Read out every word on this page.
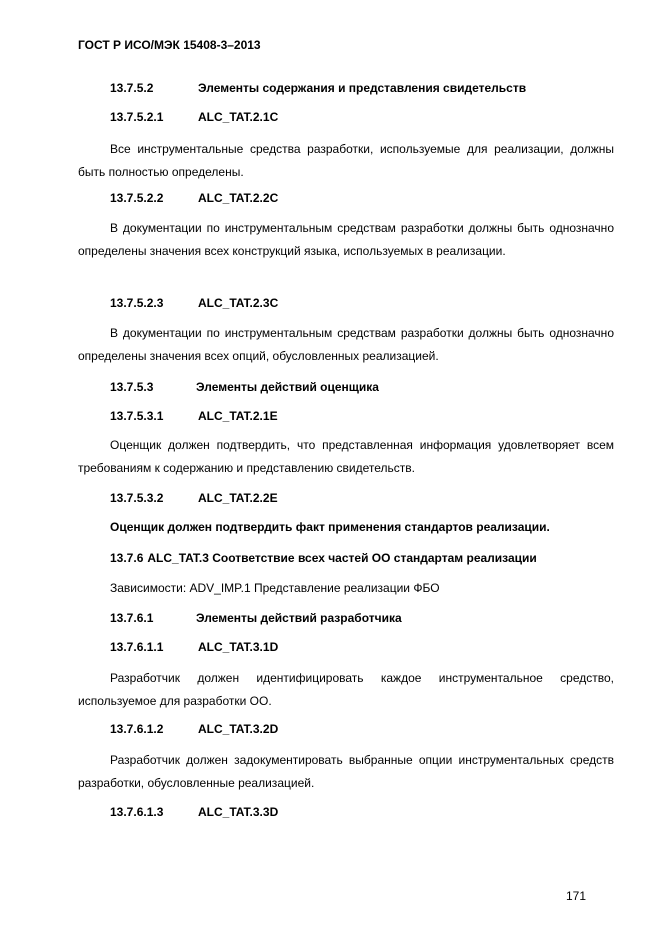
ГОСТ Р ИСО/МЭК 15408-3–2013
13.7.5.2	Элементы содержания и представления свидетельств
13.7.5.2.1	ALC_TAT.2.1C
Все инструментальные средства разработки, используемые для реализации, должны быть полностью определены.
13.7.5.2.2	ALC_TAT.2.2C
В документации по инструментальным средствам разработки должны быть однозначно определены значения всех конструкций языка, используемых в реализации.
13.7.5.2.3	ALC_TAT.2.3C
В документации по инструментальным средствам разработки должны быть однозначно определены значения всех опций, обусловленных реализацией.
13.7.5.3	Элементы действий оценщика
13.7.5.3.1	ALC_TAT.2.1E
Оценщик должен подтвердить, что представленная информация удовлетворяет всем требованиям к содержанию и представлению свидетельств.
13.7.5.3.2	ALC_TAT.2.2E
Оценщик должен подтвердить факт применения стандартов реализации.
13.7.6 ALC_TAT.3 Соответствие всех частей ОО стандартам реализации
Зависимости: ADV_IMP.1 Представление реализации ФБО
13.7.6.1	Элементы действий разработчика
13.7.6.1.1	ALC_TAT.3.1D
Разработчик должен идентифицировать каждое инструментальное средство, используемое для разработки ОО.
13.7.6.1.2	ALC_TAT.3.2D
Разработчик должен задокументировать выбранные опции инструментальных средств разработки, обусловленные реализацией.
13.7.6.1.3	ALC_TAT.3.3D
171
